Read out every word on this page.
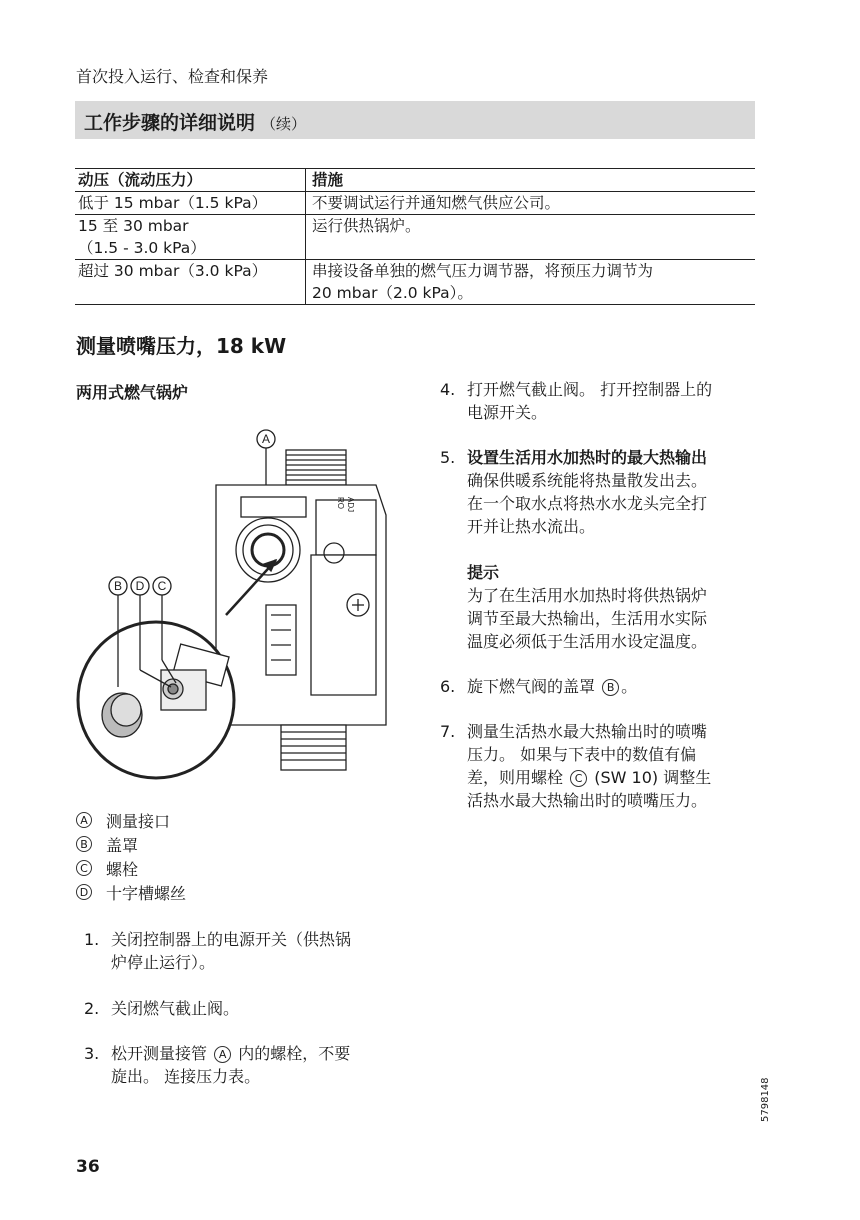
首次投入运行、检查和保养
工作步骤的详细说明 （续）
动压（流动压力）	措施
低于 15 mbar（1.5 kPa）	不要调试运行并通知燃气供应公司。
15 至 30 mbar
（1.5 - 3.0 kPa）	运行供热锅炉。
超过 30 mbar（3.0 kPa）	串接设备单独的燃气压力调节器，将预压力调节为
20 mbar（2.0 kPa）。
测量喷嘴压力，18 kW
两用式燃气锅炉
A
B D C
RO ADJ
A 测量接口
B 盖罩
C 螺栓
D 十字槽螺丝
1. 关闭控制器上的电源开关（供热锅
炉停止运行）。
2. 关闭燃气截止阀。
3. 松开测量接管 A 内的螺栓，不要
旋出。 连接压力表。
4. 打开燃气截止阀。 打开控制器上的
电源开关。
5. 设置生活用水加热时的最大热输出
确保供暖系统能将热量散发出去。
在一个取水点将热水水龙头完全打
开并让热水流出。

提示
为了在生活用水加热时将供热锅炉
调节至最大热输出，生活用水实际
温度必须低于生活用水设定温度。
6. 旋下燃气阀的盖罩 B 。
7. 测量生活热水最大热输出时的喷嘴
压力。 如果与下表中的数值有偏
差，则用螺栓 C (SW 10) 调整生
活热水最大热输出时的喷嘴压力。
36
5798148
